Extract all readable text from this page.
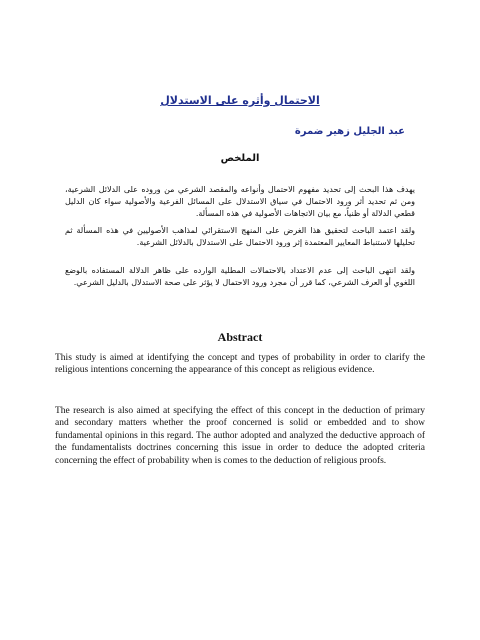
الاحتمال وأثره على الاستدلال

عبد الجليل زهير ضمرة

الملخص

يهدف هذا البحث إلى تحديد مفهوم الاحتمال وأنواعه والمقصد الشرعي من وروده على الدلائل الشرعية، ومن ثم تحديد أثر ورود الاحتمال في سياق الاستدلال على المسائل الفرعية والأصولية سواء كان الدليل قطعي الدلالة أو ظنياً، مع بيان الاتجاهات الأصولية في هذه المسألة.

ولقد اعتمد الباحث لتحقيق هذا الغرض على المنهج الاستقرائي لمذاهب الأصوليين في هذه المسألة ثم تحليلها لاستنباط المعايير المعتمدة إثر ورود الاحتمال على الاستدلال بالدلائل الشرعية.

ولقد انتهى الباحث إلى عدم الاعتداد بالاحتمالات المطلية الوارده على ظاهر الدلالة المستفاده بالوضع اللغوي أو العرف الشرعي، كما قرر أن مجرد ورود الاحتمال لا يؤثر على صحة الاستدلال بالدليل الشرعي.

Abstract

This study is aimed at identifying the concept and types of probability in order to clarify the religious intentions concerning the appearance of this concept as religious evidence.

The research is also aimed at specifying the effect of this concept in the deduction of primary and secondary matters whether the proof concerned is solid or embedded and to show fundamental opinions in this regard. The author adopted and analyzed the deductive approach of the fundamentalists doctrines concerning this issue in order to deduce the adopted criteria concerning the effect of probability when is comes to the deduction of religious proofs.
